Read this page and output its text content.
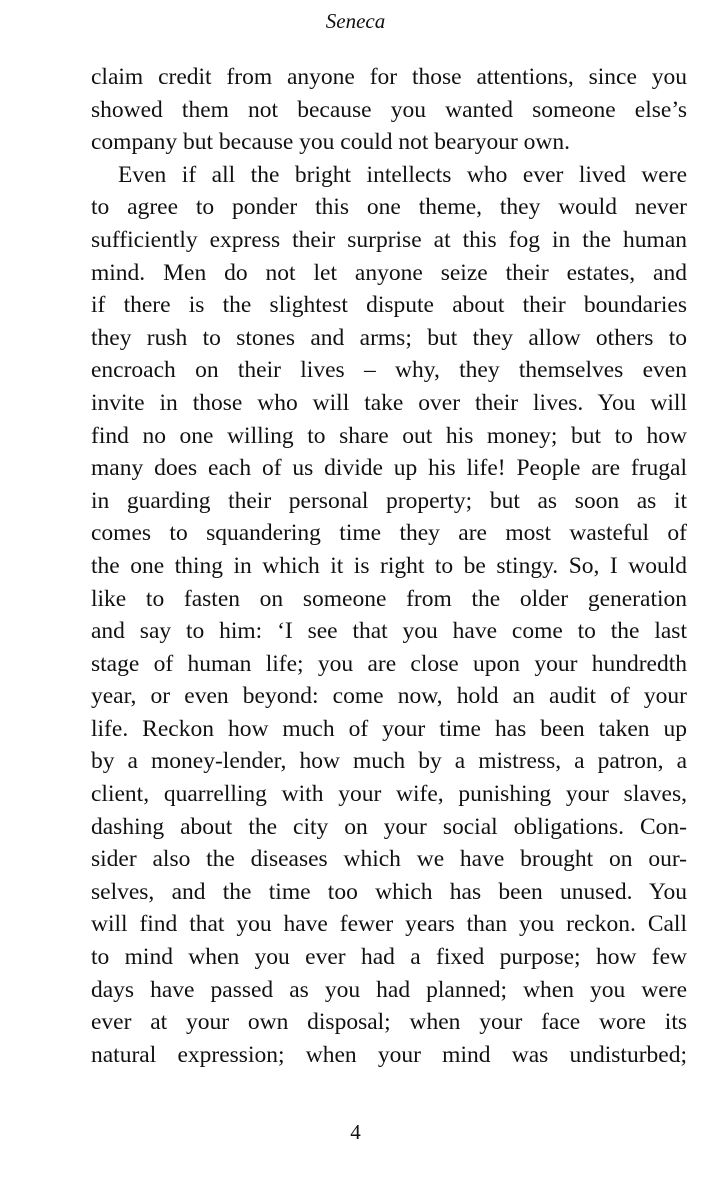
Seneca
claim credit from anyone for those attentions, since you
showed them not because you wanted someone else’s
company but because you could not bearyour own.
Even if all the bright intellects who ever lived were
to agree to ponder this one theme, they would never
sufficiently express their surprise at this fog in the human
mind. Men do not let anyone seize their estates, and
if there is the slightest dispute about their boundaries
they rush to stones and arms; but they allow others to
encroach on their lives – why, they themselves even
invite in those who will take over their lives. You will
find no one willing to share out his money; but to how
many does each of us divide up his life! People are frugal
in guarding their personal property; but as soon as it
comes to squandering time they are most wasteful of
the one thing in which it is right to be stingy. So, I would
like to fasten on someone from the older generation
and say to him: ‘I see that you have come to the last
stage of human life; you are close upon your hundredth
year, or even beyond: come now, hold an audit of your
life. Reckon how much of your time has been taken up
by a money-lender, how much by a mistress, a patron, a
client, quarrelling with your wife, punishing your slaves,
dashing about the city on your social obligations. Con-
sider also the diseases which we have brought on our-
selves, and the time too which has been unused. You
will find that you have fewer years than you reckon. Call
to mind when you ever had a fixed purpose; how few
days have passed as you had planned; when you were
ever at your own disposal; when your face wore its
natural expression; when your mind was undisturbed;
4
